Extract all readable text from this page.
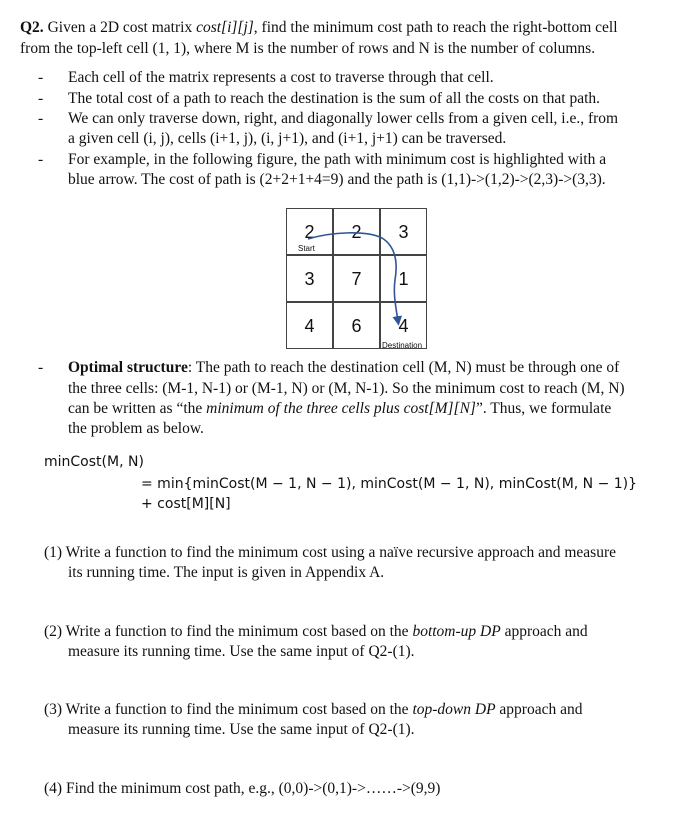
Q2. Given a 2D cost matrix cost[i][j], find the minimum cost path to reach the right-bottom cell
from the top-left cell (1, 1), where M is the number of rows and N is the number of columns.
- Each cell of the matrix represents a cost to traverse through that cell.
- The total cost of a path to reach the destination is the sum of all the costs on that path.
- We can only traverse down, right, and diagonally lower cells from a given cell, i.e., from
a given cell (i, j), cells (i+1, j), (i, j+1), and (i+1, j+1) can be traversed.
- For example, in the following figure, the path with minimum cost is highlighted with a
blue arrow. The cost of path is (2+2+1+4=9) and the path is (1,1)->(1,2)->(2,3)->(3,3).
2	2	3
3	7	1
4	6	4
Start
Destination
- Optimal structure: The path to reach the destination cell (M, N) must be through one of
the three cells: (M-1, N-1) or (M-1, N) or (M, N-1). So the minimum cost to reach (M, N)
can be written as “the minimum of the three cells plus cost[M][N]”. Thus, we formulate
the problem as below.
minCost(M, N)
= min{minCost(M − 1, N − 1), minCost(M − 1, N), minCost(M, N − 1)}
+ cost[M][N]
(1) Write a function to find the minimum cost using a naïve recursive approach and measure
its running time. The input is given in Appendix A.
(2) Write a function to find the minimum cost based on the bottom-up DP approach and
measure its running time. Use the same input of Q2-(1).
(3) Write a function to find the minimum cost based on the top-down DP approach and
measure its running time. Use the same input of Q2-(1).
(4) Find the minimum cost path, e.g., (0,0)->(0,1)->……->(9,9)
